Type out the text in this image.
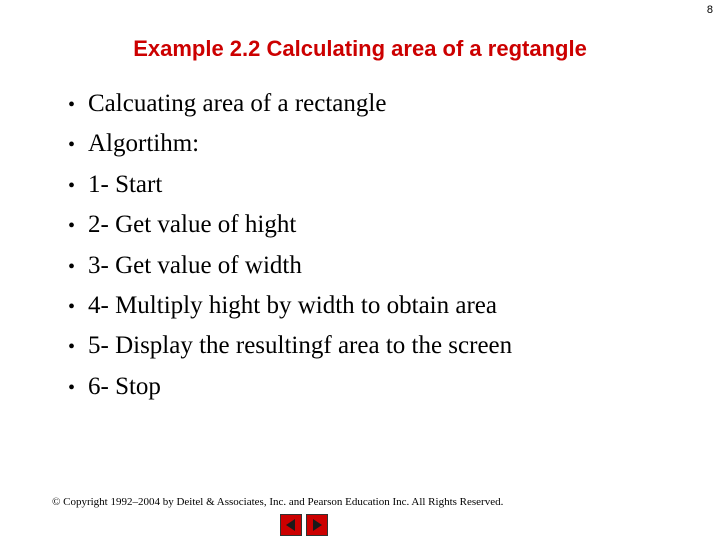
8
Example 2.2 Calculating area of a regtangle
• Calcuating area of a rectangle
• Algortihm:
• 1- Start
• 2- Get value of hight
• 3- Get value of width
• 4- Multiply hight by width to obtain area
• 5- Display the resultingf area to the screen
• 6- Stop
© Copyright 1992–2004 by Deitel & Associates, Inc. and Pearson Education Inc. All Rights Reserved.
